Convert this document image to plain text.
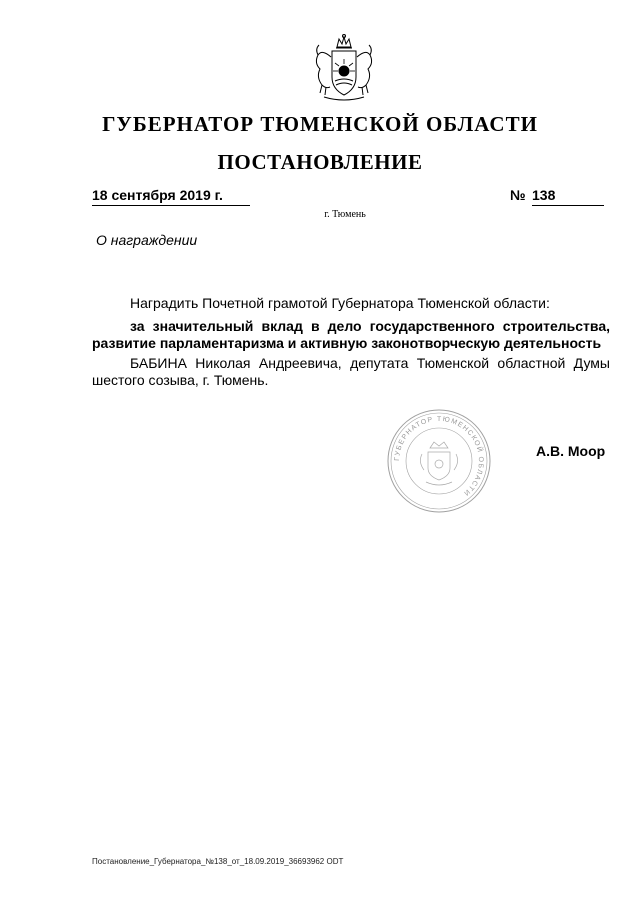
ГУБЕРНАТОР ТЮМЕНСКОЙ ОБЛАСТИ
ПОСТАНОВЛЕНИЕ
18 сентября 2019 г.	№ 138
г. Тюмень
О награждении
Наградить Почетной грамотой Губернатора Тюменской области:

за значительный вклад в дело государственного строительства, развитие парламентаризма и активную законотворческую деятельность

БАБИНА Николая Андреевича, депутата Тюменской областной Думы шестого созыва, г. Тюмень.

ГУБЕРНАТОР ТЮМЕНСКОЙ ОБЛАСТИ
А.В. Моор
Постановление_Губернатора_№138_от_18.09.2019_36693962 ODT
